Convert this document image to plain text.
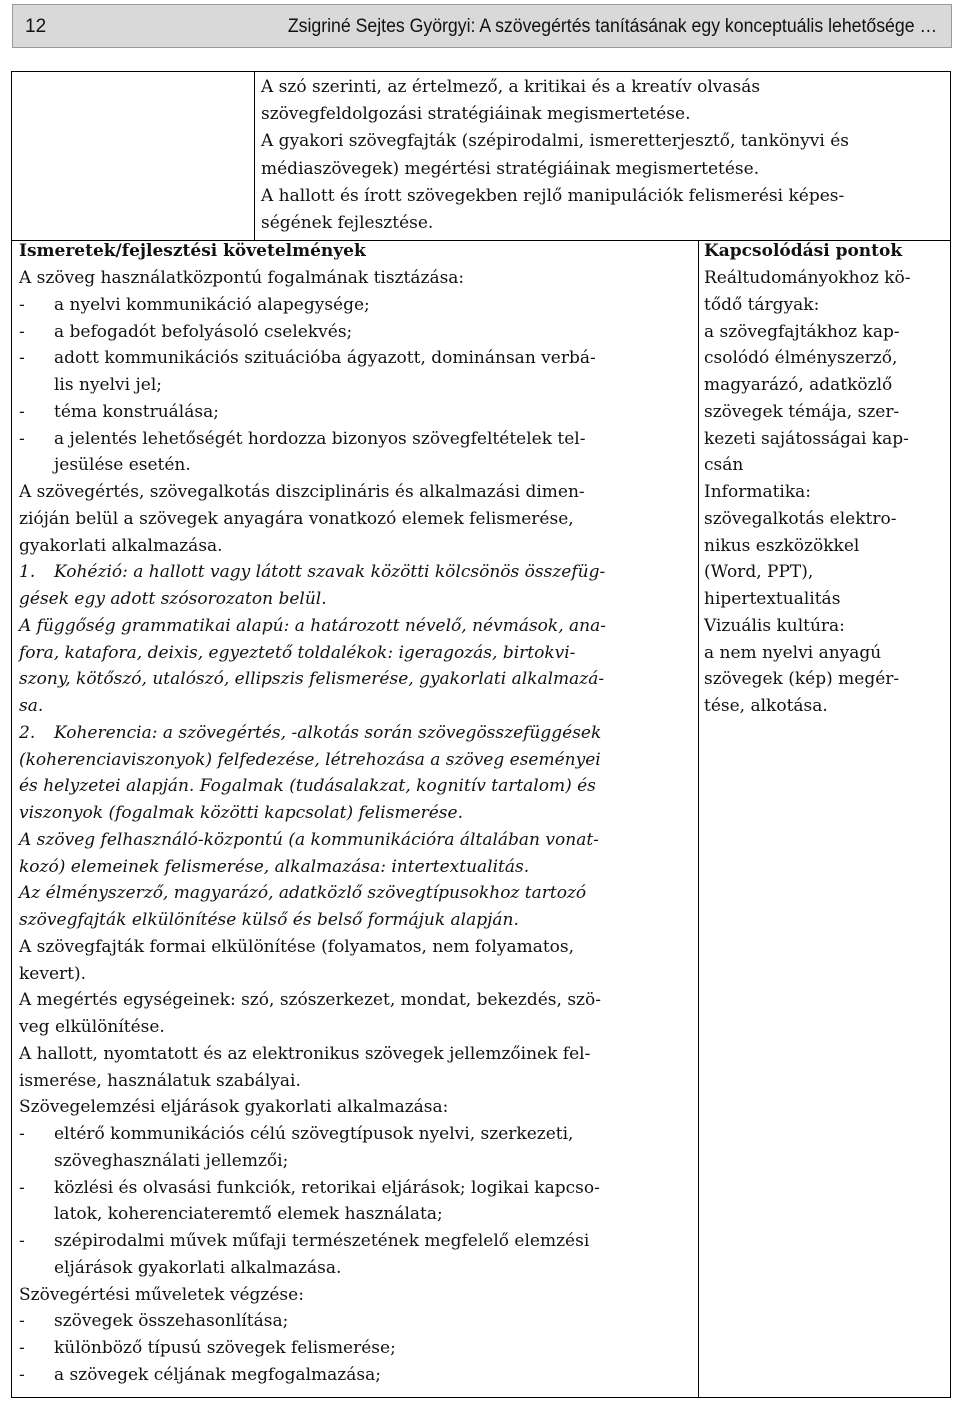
12	Zsigriné Sejtes Györgyi: A szövegértés tanításának egy konceptuális lehetősége …
A szó szerinti, az értelmező, a kritikai és a kreatív olvasás
szövegfeldolgozási stratégiáinak megismertetése.
A gyakori szövegfajták (szépirodalmi, ismeretterjesztő, tankönyvi és
médiaszövegek) megértési stratégiáinak megismertetése.
A hallott és írott szövegekben rejlő manipulációk felismerési képes-
ségének fejlesztése.
Ismeretek/fejlesztési követelmények	Kapcsolódási pontok
A szöveg használatközpontú fogalmának tisztázása:
- a nyelvi kommunikáció alapegysége;
- a befogadót befolyásoló cselekvés;
- adott kommunikációs szituációba ágyazott, dominánsan verbá-
lis nyelvi jel;
- téma konstruálása;
- a jelentés lehetőségét hordozza bizonyos szövegfeltételek tel-
jesülése esetén.
A szövegértés, szövegalkotás diszciplináris és alkalmazási dimen-
zióján belül a szövegek anyagára vonatkozó elemek felismerése,
gyakorlati alkalmazása.
1. Kohézió: a hallott vagy látott szavak közötti kölcsönös összefüg-
gések egy adott szósorozaton belül.
A függőség grammatikai alapú: a határozott névelő, névmások, ana-
fora, katafora, deixis, egyeztető toldalékok: igeragozás, birtokvi-
szony, kötőszó, utalószó, ellipszis felismerése, gyakorlati alkalmazá-
sa.
2. Koherencia: a szövegértés, -alkotás során szövegösszefüggések
(koherenciaviszonyok) felfedezése, létrehozása a szöveg eseményei
és helyzetei alapján. Fogalmak (tudásalakzat, kognitív tartalom) és
viszonyok (fogalmak közötti kapcsolat) felismerése.
A szöveg felhasználó-központú (a kommunikációra általában vonat-
kozó) elemeinek felismerése, alkalmazása: intertextualitás.
Az élményszerző, magyarázó, adatközlő szövegtípusokhoz tartozó
szövegfajták elkülönítése külső és belső formájuk alapján.
A szövegfajták formai elkülönítése (folyamatos, nem folyamatos,
kevert).
A megértés egységeinek: szó, szószerkezet, mondat, bekezdés, szö-
veg elkülönítése.
A hallott, nyomtatott és az elektronikus szövegek jellemzőinek fel-
ismerése, használatuk szabályai.
Szövegelemzési eljárások gyakorlati alkalmazása:
- eltérő kommunikációs célú szövegtípusok nyelvi, szerkezeti,
szöveghasználati jellemzői;
- közlési és olvasási funkciók, retorikai eljárások; logikai kapcso-
latok, koherenciateremtő elemek használata;
- szépirodalmi művek műfaji természetének megfelelő elemzési
eljárások gyakorlati alkalmazása.
Szövegértési műveletek végzése:
- szövegek összehasonlítása;
- különböző típusú szövegek felismerése;
- a szövegek céljának megfogalmazása;
Reáltudományokhoz kö-
tődő tárgyak:
a szövegfajtákhoz kap-
csolódó élményszerző,
magyarázó, adatközlő
szövegek témája, szer-
kezeti sajátosságai kap-
csán
Informatika:
szövegalkotás elektro-
nikus eszközökkel
(Word, PPT),
hipertextualitás
Vizuális kultúra:
a nem nyelvi anyagú
szövegek (kép) megér-
tése, alkotása.
